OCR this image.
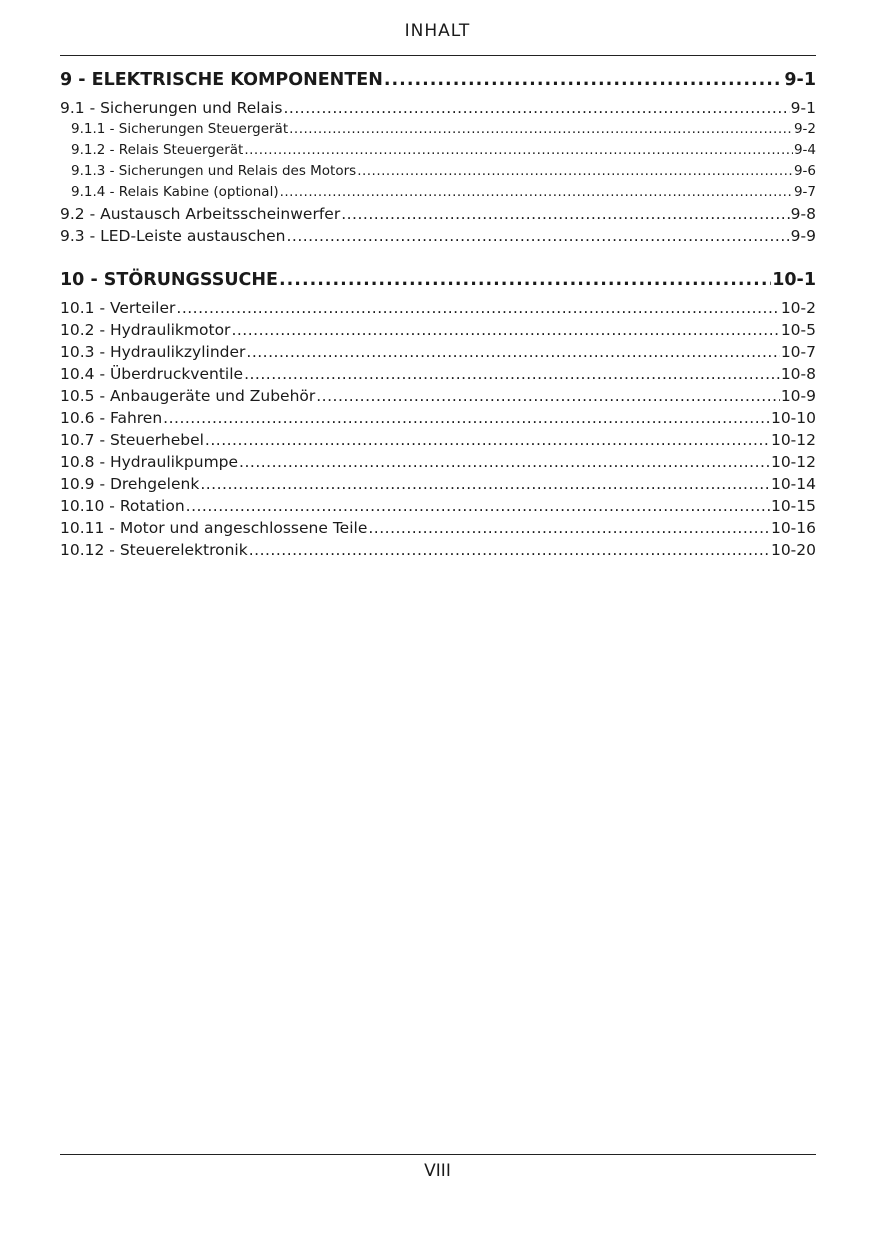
INHALT
9 - ELEKTRISCHE KOMPONENTEN .....	9-1
9.1 - Sicherungen und Relais .....	9-1
9.1.1 - Sicherungen Steuergerät .....	9-2
9.1.2 - Relais Steuergerät .....	9-4
9.1.3 - Sicherungen und Relais des Motors .....	9-6
9.1.4 - Relais Kabine (optional) .....	9-7
9.2 - Austausch Arbeitsscheinwerfer .....	9-8
9.3 - LED-Leiste austauschen .....	9-9
10 - STÖRUNGSSUCHE .....	10-1
10.1 - Verteiler .....	10-2
10.2 - Hydraulikmotor .....	10-5
10.3 - Hydraulikzylinder .....	10-7
10.4 - Überdruckventile .....	10-8
10.5 - Anbaugeräte und Zubehör .....	10-9
10.6 - Fahren .....	10-10
10.7 - Steuerhebel .....	10-12
10.8 - Hydraulikpumpe .....	10-12
10.9 - Drehgelenk .....	10-14
10.10 - Rotation .....	10-15
10.11 - Motor und angeschlossene Teile .....	10-16
10.12 - Steuerelektronik .....	10-20
VIII
